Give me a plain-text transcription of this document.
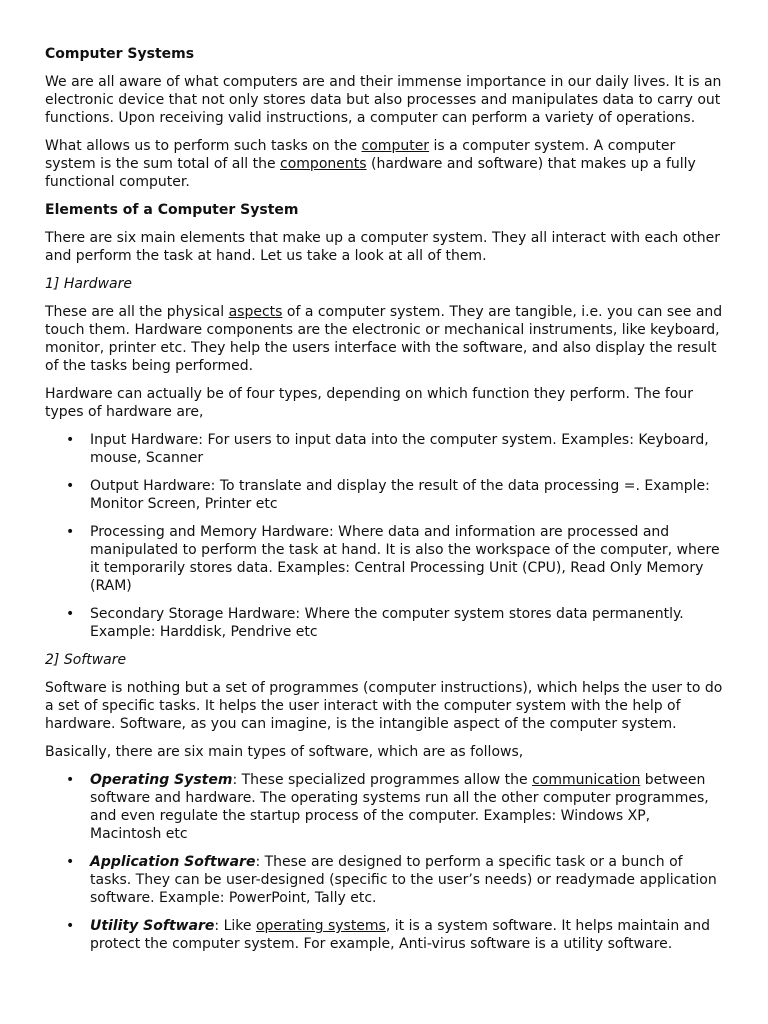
Computer Systems

We are all aware of what computers are and their immense importance in our daily lives. It is an electronic device that not only stores data but also processes and manipulates data to carry out functions. Upon receiving valid instructions, a computer can perform a variety of operations.

What allows us to perform such tasks on the computer is a computer system. A computer system is the sum total of all the components (hardware and software) that makes up a fully functional computer.

Elements of a Computer System

There are six main elements that make up a computer system. They all interact with each other and perform the task at hand. Let us take a look at all of them.

1] Hardware

These are all the physical aspects of a computer system. They are tangible, i.e. you can see and touch them. Hardware components are the electronic or mechanical instruments, like keyboard, monitor, printer etc. They help the users interface with the software, and also display the result of the tasks being performed.

Hardware can actually be of four types, depending on which function they perform. The four types of hardware are,

• Input Hardware: For users to input data into the computer system. Examples: Keyboard, mouse, Scanner
• Output Hardware: To translate and display the result of the data processing =. Example: Monitor Screen, Printer etc
• Processing and Memory Hardware: Where data and information are processed and manipulated to perform the task at hand. It is also the workspace of the computer, where it temporarily stores data. Examples: Central Processing Unit (CPU), Read Only Memory (RAM)
• Secondary Storage Hardware: Where the computer system stores data permanently. Example: Harddisk, Pendrive etc

2] Software

Software is nothing but a set of programmes (computer instructions), which helps the user to do a set of specific tasks. It helps the user interact with the computer system with the help of hardware. Software, as you can imagine, is the intangible aspect of the computer system.

Basically, there are six main types of software, which are as follows,

• Operating System: These specialized programmes allow the communication between software and hardware. The operating systems run all the other computer programmes, and even regulate the startup process of the computer. Examples: Windows XP, Macintosh etc
• Application Software: These are designed to perform a specific task or a bunch of tasks. They can be user-designed (specific to the user’s needs) or readymade application software. Example: PowerPoint, Tally etc.
• Utility Software: Like operating systems, it is a system software. It helps maintain and protect the computer system. For example, Anti-virus software is a utility software.
